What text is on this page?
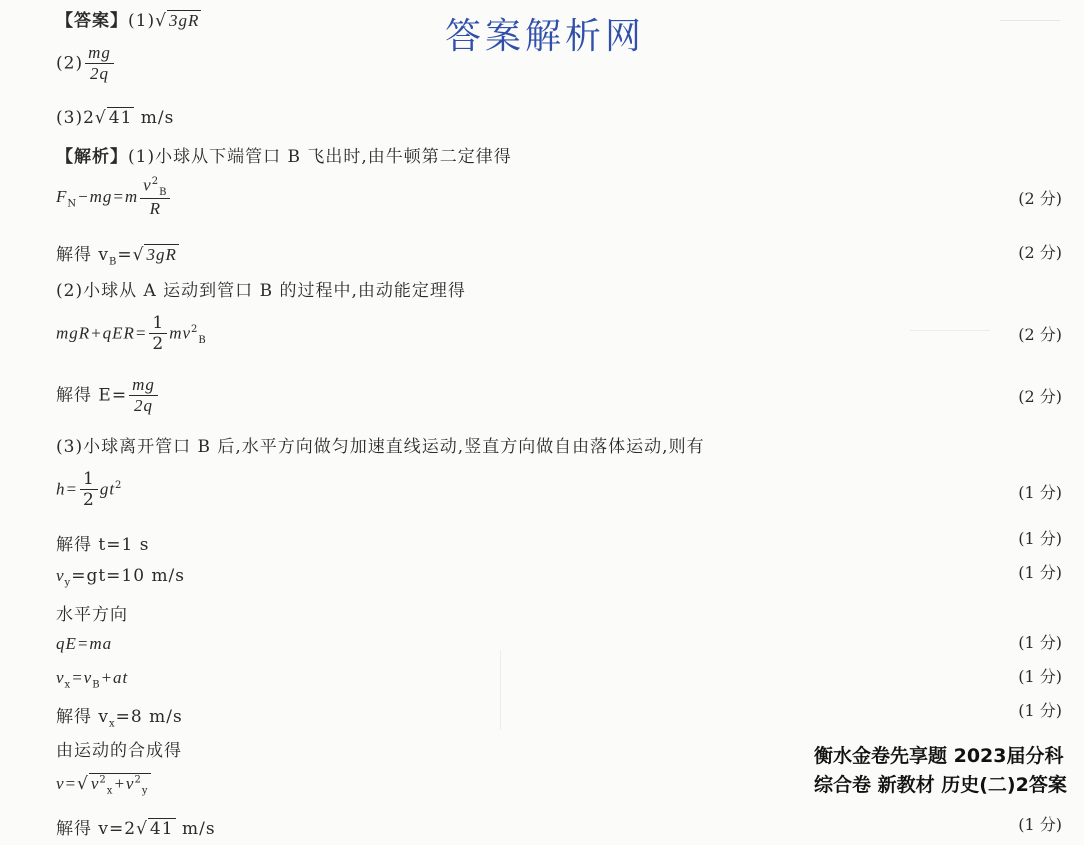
答案解析网
【答案】(1)√ 3gR
$(2) \frac{mg}{2q}$
(3)2√ 41 m/s
【解析】(1)小球从下端管口 B 飞出时,由牛顿第二定律得
$F_N-mg=m \frac{v^2_B}{R}$	(2 分)
解得 $v_B=√$ 3gR	(2 分)
(2)小球从 A 运动到管口 B 的过程中,由动能定理得
$mgR+qER= \frac{1}{2} mv^2_B$	(2 分)
解得 $E= \frac{mg}{2q}$	(2 分)
(3)小球离开管口 B 后,水平方向做匀加速直线运动,竖直方向做自由落体运动,则有
$h= \frac{1}{2} gt^2$	(1 分)
解得 t=1 s	(1 分)
$v_y=gt=10$ m/s	(1 分)
水平方向
qE=ma	(1 分)
$v_x=v_B+at$	(1 分)
解得 $v_x=8$ m/s	(1 分)
由运动的合成得
v=√ $v^2_x+v^2_y$
解得 v=2√ 41 m/s	(1 分)
衡水金卷先享题 2023届分科综合卷 新教材 历史(二)2答案
